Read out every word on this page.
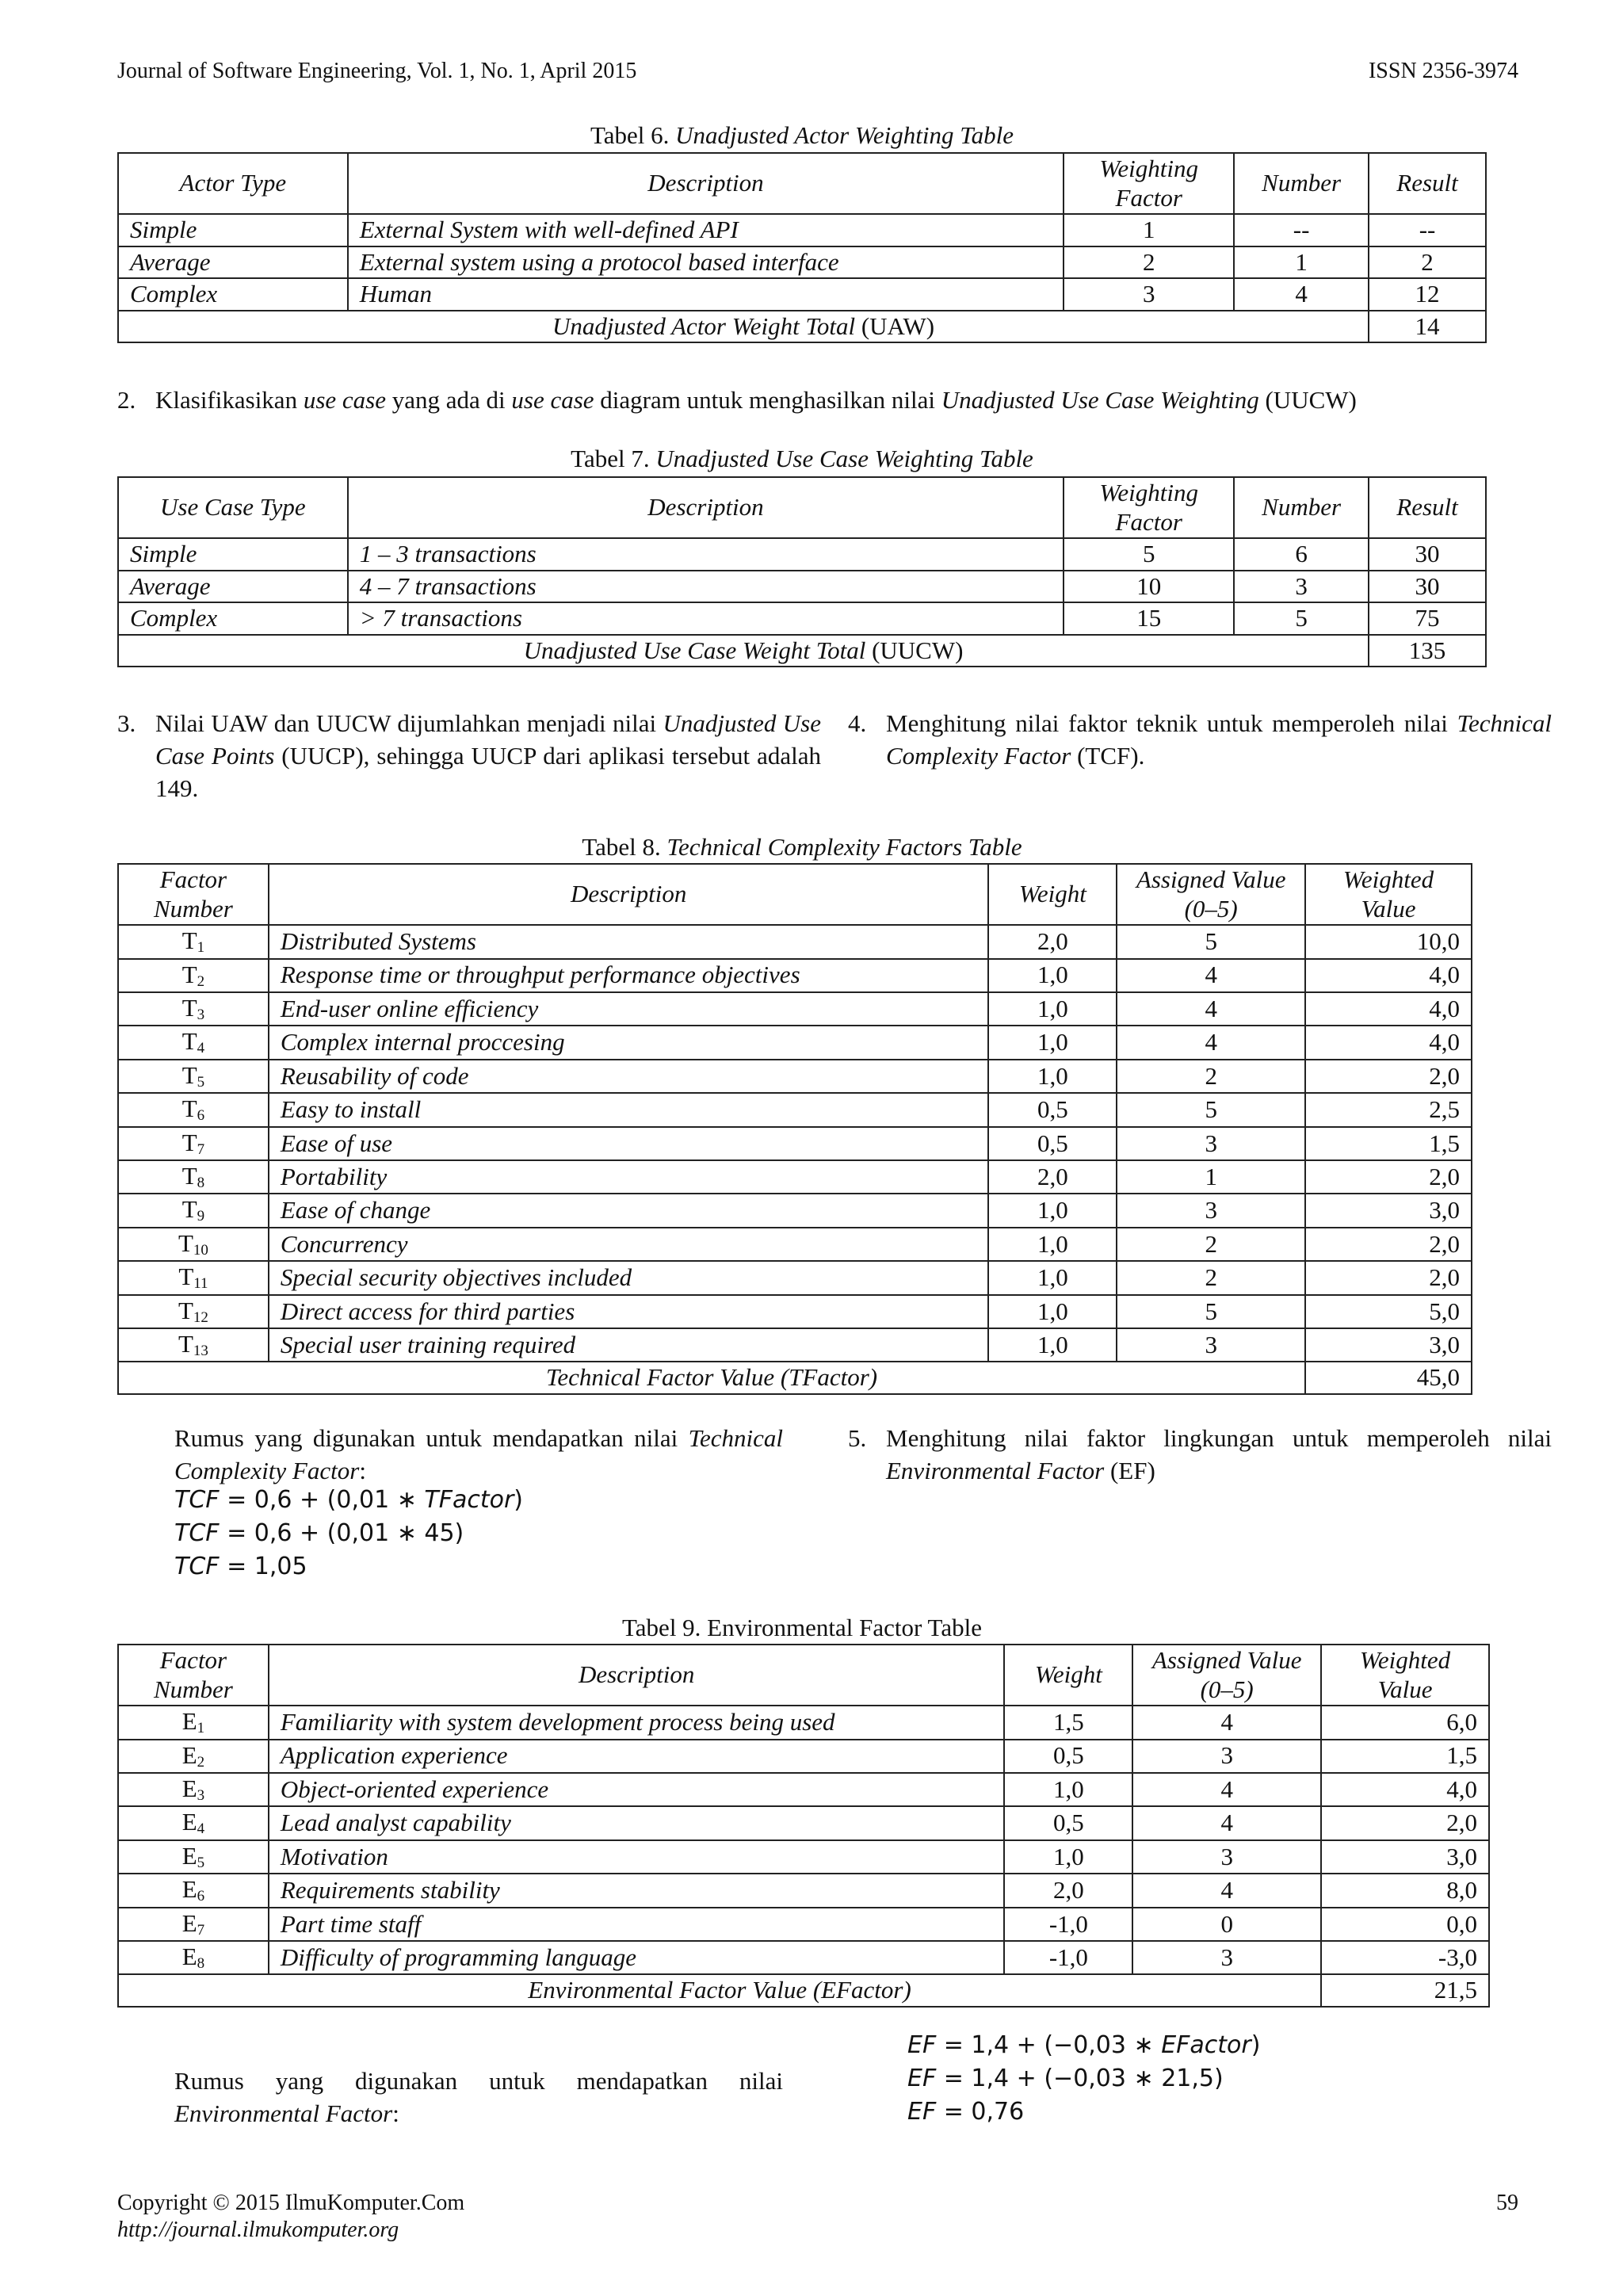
Journal of Software Engineering, Vol. 1, No. 1, April 2015	ISSN 2356-3974
Tabel 6. Unadjusted Actor Weighting Table
Actor Type	Description	Weighting Factor	Number	Result
Simple	External System with well-defined API	1	--	--
Average	External system using a protocol based interface	2	1	2
Complex	Human	3	4	12
Unadjusted Actor Weight Total (UAW)				14
2. Klasifikasikan use case yang ada di use case diagram untuk menghasilkan nilai Unadjusted Use Case Weighting (UUCW)
Tabel 7. Unadjusted Use Case Weighting Table
Use Case Type	Description	Weighting Factor	Number	Result
Simple	1 – 3 transactions	5	6	30
Average	4 – 7 transactions	10	3	30
Complex	> 7 transactions	15	5	75
Unadjusted Use Case Weight Total (UUCW)				135
3. Nilai UAW dan UUCW dijumlahkan menjadi nilai Unadjusted Use Case Points (UUCP), sehingga UUCP dari aplikasi tersebut adalah 149.
4. Menghitung nilai faktor teknik untuk memperoleh nilai Technical Complexity Factor (TCF).
Tabel 8. Technical Complexity Factors Table
Factor Number	Description	Weight	Assigned Value (0–5)	Weighted Value
$T_1$	Distributed Systems	2,0	5	10,0
$T_2$	Response time or throughput performance objectives	1,0	4	4,0
$T_3$	End-user online efficiency	1,0	4	4,0
$T_4$	Complex internal proccesing	1,0	4	4,0
$T_5$	Reusability of code	1,0	2	2,0
$T_6$	Easy to install	0,5	5	2,5
$T_7$	Ease of use	0,5	3	1,5
$T_8$	Portability	2,0	1	2,0
$T_9$	Ease of change	1,0	3	3,0
$T_{10}$	Concurrency	1,0	2	2,0
$T_{11}$	Special security objectives included	1,0	2	2,0
$T_{12}$	Direct access for third parties	1,0	5	5,0
$T_{13}$	Special user training required	1,0	3	3,0
Technical Factor Value (TFactor)				45,0
Rumus yang digunakan untuk mendapatkan nilai Technical Complexity Factor:
TCF = 0,6 + (0,01 ∗ TFactor)
TCF = 0,6 + (0,01 ∗ 45)
TCF = 1,05
5. Menghitung nilai faktor lingkungan untuk memperoleh nilai Environmental Factor (EF)
Tabel 9. Environmental Factor Table
Factor Number	Description	Weight	Assigned Value (0–5)	Weighted Value
$E_1$	Familiarity with system development process being used	1,5	4	6,0
$E_2$	Application experience	0,5	3	1,5
$E_3$	Object-oriented experience	1,0	4	4,0
$E_4$	Lead analyst capability	0,5	4	2,0
$E_5$	Motivation	1,0	3	3,0
$E_6$	Requirements stability	2,0	4	8,0
$E_7$	Part time staff	-1,0	0	0,0
$E_8$	Difficulty of programming language	-1,0	3	-3,0
Environmental Factor Value (EFactor)				21,5
Rumus yang digunakan untuk mendapatkan nilai Environmental Factor:
EF = 1,4 + (−0,03 ∗ EFactor)
EF = 1,4 + (−0,03 ∗ 21,5)
EF = 0,76
Copyright © 2015 IlmuKomputer.Com
http://journal.ilmukomputer.org
59
